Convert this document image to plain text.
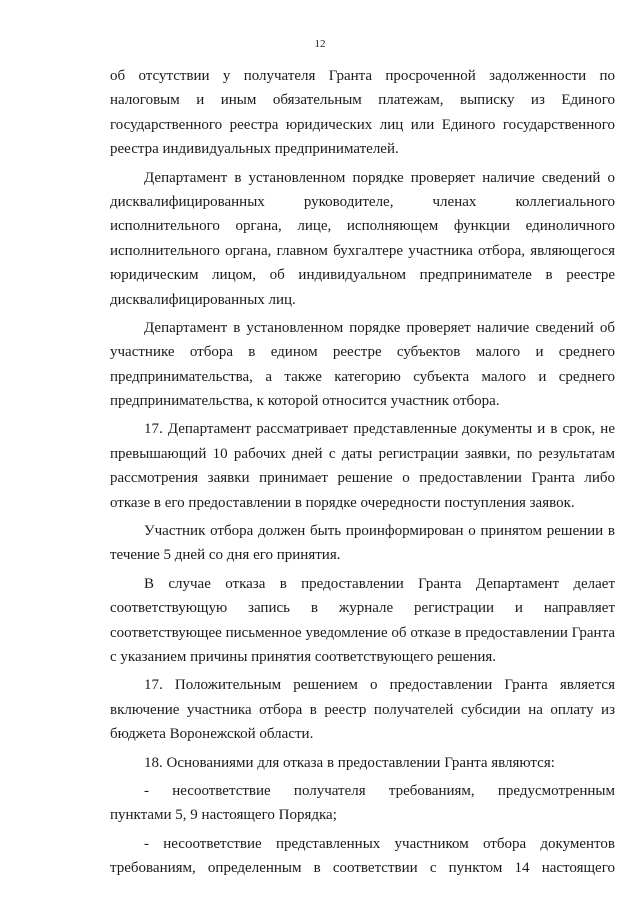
12
об отсутствии у получателя Гранта просроченной задолженности по
налоговым и иным обязательным платежам, выписку из Единого
государственного реестра юридических лиц или Единого государственного
реестра индивидуальных предпринимателей.
Департамент в установленном порядке проверяет наличие сведений о
дисквалифицированных руководителе, членах коллегиального
исполнительного органа, лице, исполняющем функции единоличного
исполнительного органа, главном бухгалтере участника отбора, являющегося
юридическим лицом, об индивидуальном предпринимателе в реестре
дисквалифицированных лиц.
Департамент в установленном порядке проверяет наличие сведений об
участнике отбора в едином реестре субъектов малого и среднего
предпринимательства, а также категорию субъекта малого и среднего
предпринимательства, к которой относится участник отбора.
17. Департамент рассматривает представленные документы и в срок, не
превышающий 10 рабочих дней с даты регистрации заявки, по результатам
рассмотрения заявки принимает решение о предоставлении Гранта либо
отказе в его предоставлении в порядке очередности поступления заявок.
Участник отбора должен быть проинформирован о принятом решении в
течение 5 дней со дня его принятия.
В случае отказа в предоставлении Гранта Департамент делает
соответствующую запись в журнале регистрации и направляет
соответствующее письменное уведомление об отказе в предоставлении Гранта
с указанием причины принятия соответствующего решения.
17. Положительным решением о предоставлении Гранта является
включение участника отбора в реестр получателей субсидии на оплату из
бюджета Воронежской области.
18. Основаниями для отказа в предоставлении Гранта являются:
- несоответствие получателя требованиям, предусмотренным
пунктами 5, 9 настоящего Порядка;
- несоответствие представленных участником отбора документов
требованиям, определенным в соответствии с пунктом 14 настоящего
